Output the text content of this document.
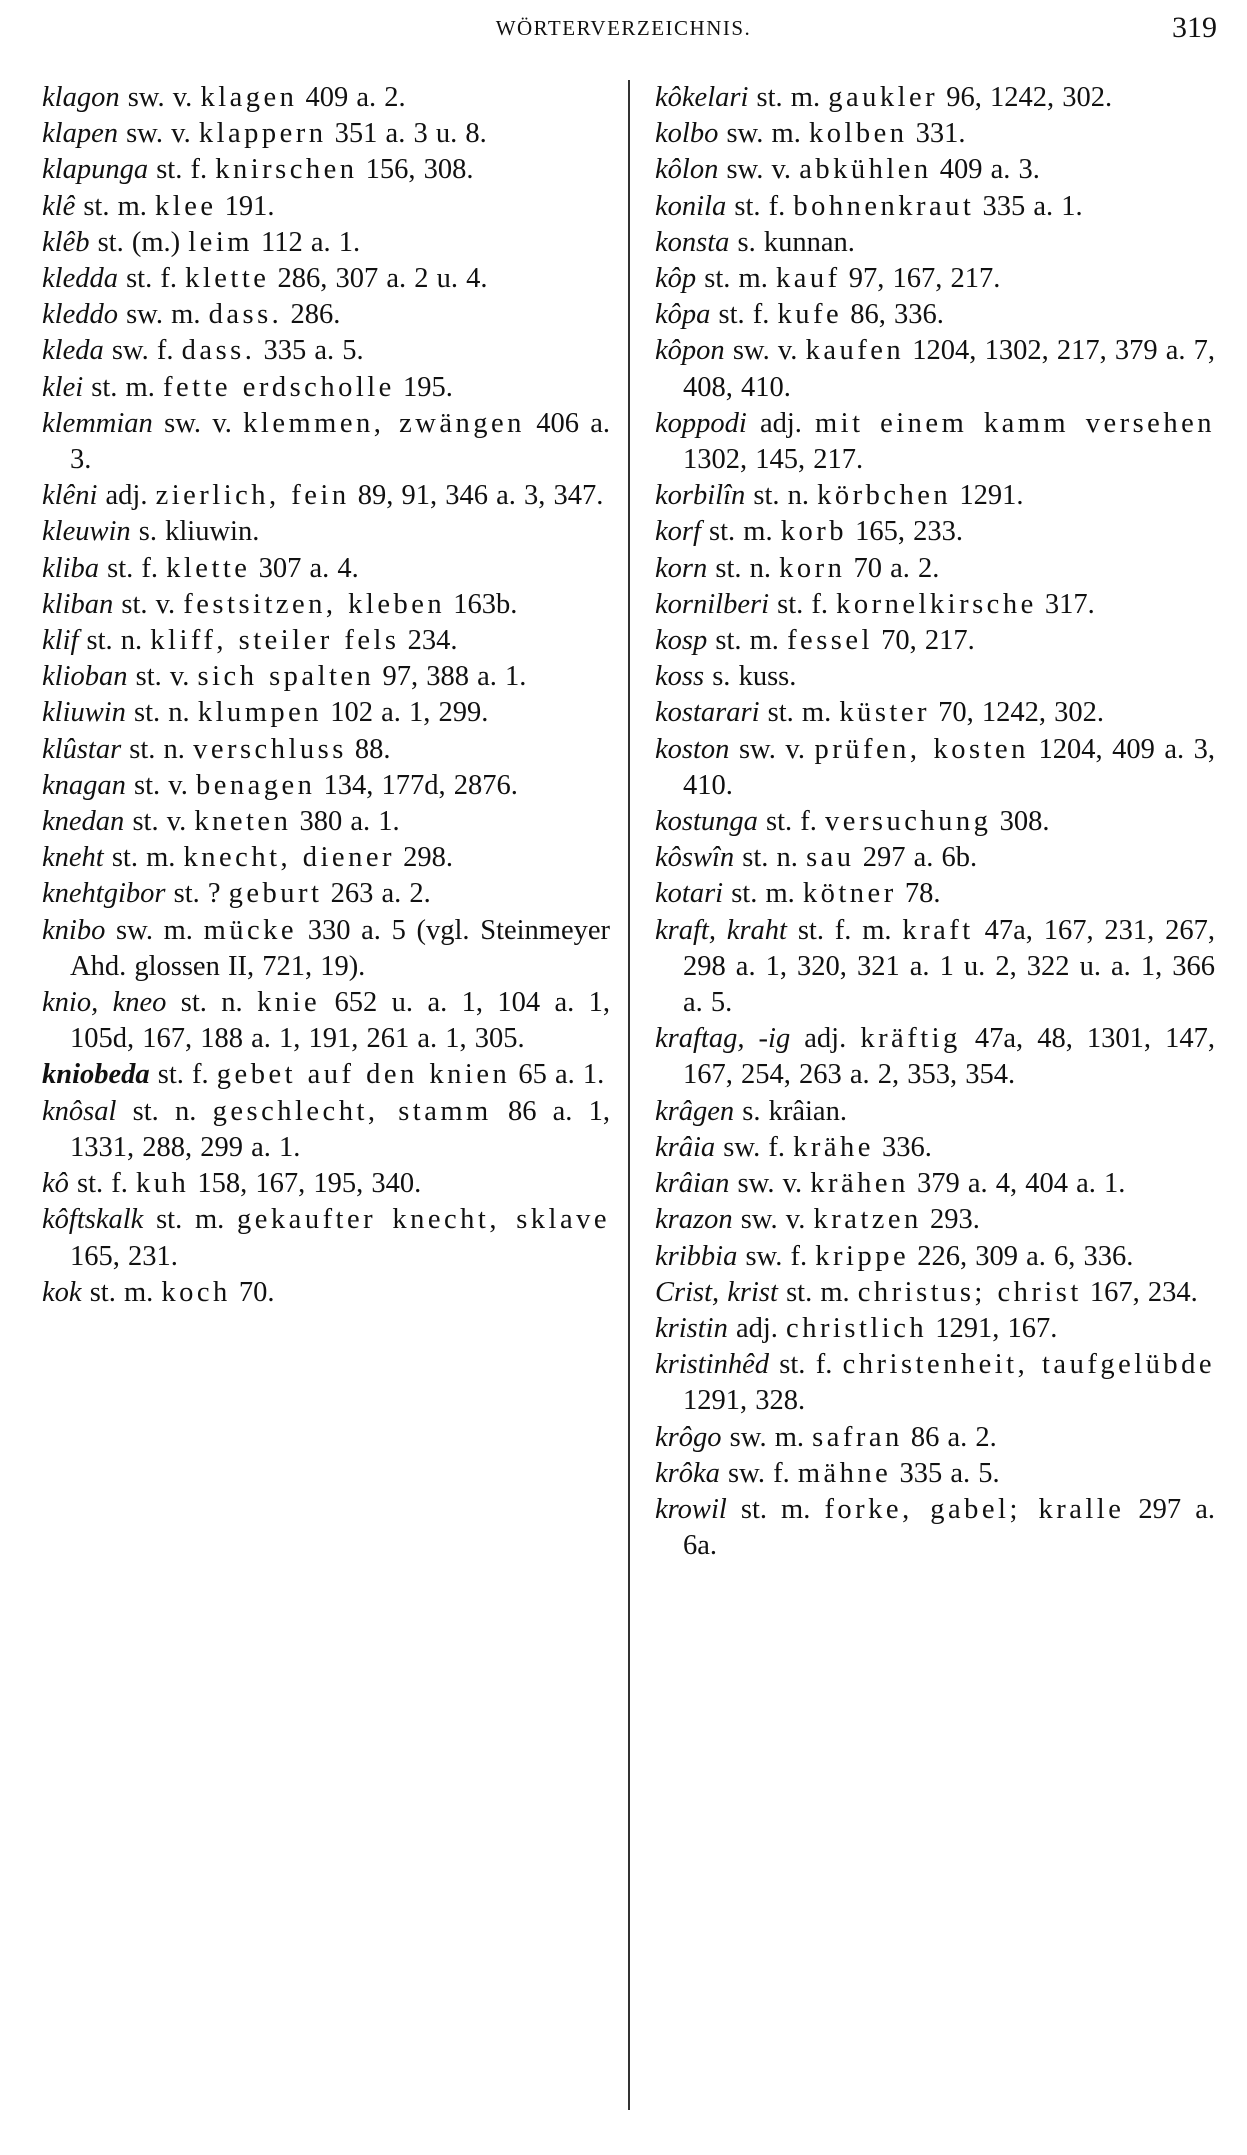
WÖRTERVERZEICHNIS.	319

klagon sw. v. klagen 409 a. 2.

klapen sw. v. klappern 351 a. 3 u. 8.

klapunga st. f. knirschen 156, 308.

klê st. m. klee 191.

klêb st. (m.) leim 112 a. 1.

kledda st. f. klette 286, 307 a. 2 u. 4.

kleddo sw. m. dass. 286.

kleda sw. f. dass. 335 a. 5.

klei st. m. fette erdscholle 195.

klemmian sw. v. klemmen, zwängen 406 a. 3.

klêni adj. zierlich, fein 89, 91, 346 a. 3, 347.

kleuwin s. kliuwin.

kliba st. f. klette 307 a. 4.

kliban st. v. festsitzen, kleben 163b.

klif st. n. kliff, steiler fels 234.

klioban st. v. sich spalten 97, 388 a. 1.

kliuwin st. n. klumpen 102 a. 1, 299.

klûstar st. n. verschluss 88.

knagan st. v. benagen 134, 177d, 2876.

knedan st. v. kneten 380 a. 1.

kneht st. m. knecht, diener 298.

knehtgibor st. ? geburt 263 a. 2.

knibo sw. m. mücke 330 a. 5 (vgl. Steinmeyer Ahd. glossen II, 721, 19).

knio, kneo st. n. knie 652 u. a. 1, 104 a. 1, 105d, 167, 188 a. 1, 191, 261 a. 1, 305.

kniobeda st. f. gebet auf den knien 65 a. 1.

knôsal st. n. geschlecht, stamm 86 a. 1, 1331, 288, 299 a. 1.

kô st. f. kuh 158, 167, 195, 340.

kôftskalk st. m. gekaufter knecht, sklave 165, 231.

kok st. m. koch 70.

kôkelari st. m. gaukler 96, 1242, 302.

kolbo sw. m. kolben 331.

kôlon sw. v. abkühlen 409 a. 3.

konila st. f. bohnenkraut 335 a. 1.

konsta s. kunnan.

kôp st. m. kauf 97, 167, 217.

kôpa st. f. kufe 86, 336.

kôpon sw. v. kaufen 1204, 1302, 217, 379 a. 7, 408, 410.

koppodi adj. mit einem kamm versehen 1302, 145, 217.

korbilîn st. n. körbchen 1291.

korf st. m. korb 165, 233.

korn st. n. korn 70 a. 2.

kornilberi st. f. kornelkirsche 317.

kosp st. m. fessel 70, 217.

koss s. kuss.

kostarari st. m. küster 70, 1242, 302.

koston sw. v. prüfen, kosten 1204, 409 a. 3, 410.

kostunga st. f. versuchung 308.

kôswîn st. n. sau 297 a. 6b.

kotari st. m. kötner 78.

kraft, kraht st. f. m. kraft 47a, 167, 231, 267, 298 a. 1, 320, 321 a. 1 u. 2, 322 u. a. 1, 366 a. 5.

kraftag, -ig adj. kräftig 47a, 48, 1301, 147, 167, 254, 263 a. 2, 353, 354.

krâgen s. krâian.

krâia sw. f. krähe 336.

krâian sw. v. krähen 379 a. 4, 404 a. 1.

krazon sw. v. kratzen 293.

kribbia sw. f. krippe 226, 309 a. 6, 336.

Crist, krist st. m. christus; christ 167, 234.

kristin adj. christlich 1291, 167.

kristinhêd st. f. christenheit, taufgelübde 1291, 328.

krôgo sw. m. safran 86 a. 2.

krôka sw. f. mähne 335 a. 5.

krowil st. m. forke, gabel; kralle 297 a. 6a.
